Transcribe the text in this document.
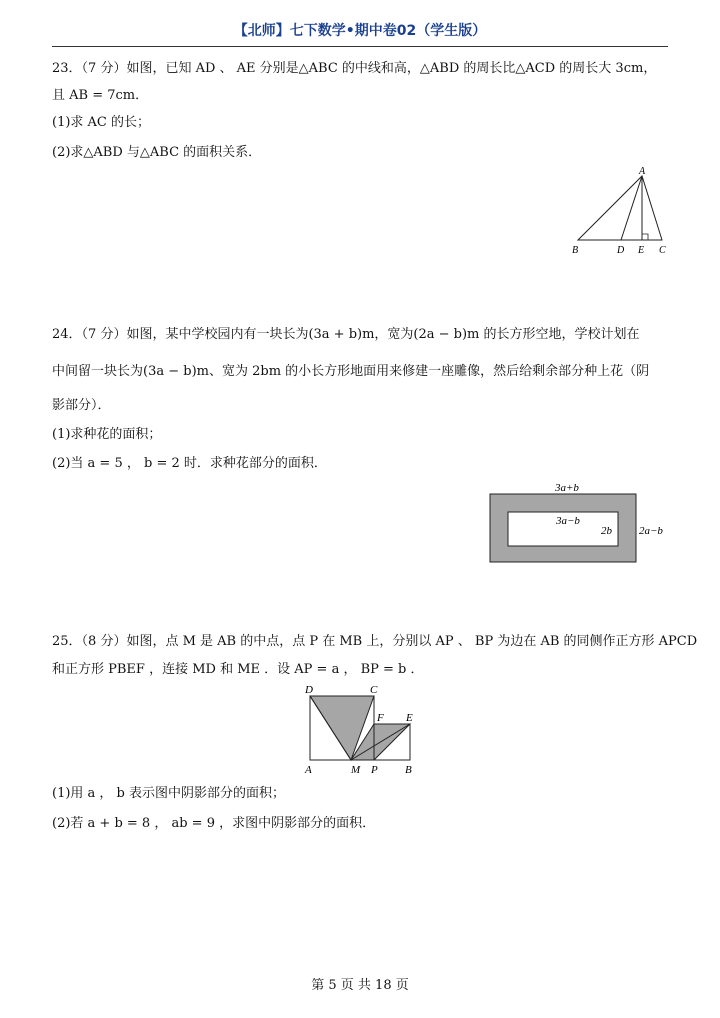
【北师】七下数学•期中卷02（学生版）
23．（7 分）如图，已知 AD 、 AE 分别是△ABC 的中线和高，△ABD 的周长比△ACD 的周长大 3cm，
且 AB = 7cm．
(1)求 AC 的长；
(2)求△ABD 与△ABC 的面积关系．
A
B	D E C
24．（7 分）如图，某中学校园内有一块长为(3a + b)m，宽为(2a − b)m 的长方形空地，学校计划在
中间留一块长为(3a − b)m、宽为 2bm 的小长方形地面用来修建一座雕像，然后给剩余部分种上花（阴
影部分）．
(1)求种花的面积；
(2)当 a = 5 ， b = 2 时．求种花部分的面积．
3a+b
3a−b
2b 2a−b
25．（8 分）如图，点 M 是 AB 的中点，点 P 在 MB 上，分别以 AP 、 BP 为边在 AB 的同侧作正方形 APCD
和正方形 PBEF ，连接 MD 和 ME ．设 AP = a ， BP = b ．
D	C
F E
A	M P B
(1)用 a ， b 表示图中阴影部分的面积；
(2)若 a + b = 8 ， ab = 9 ，求图中阴影部分的面积．
第 5 页 共 18 页
